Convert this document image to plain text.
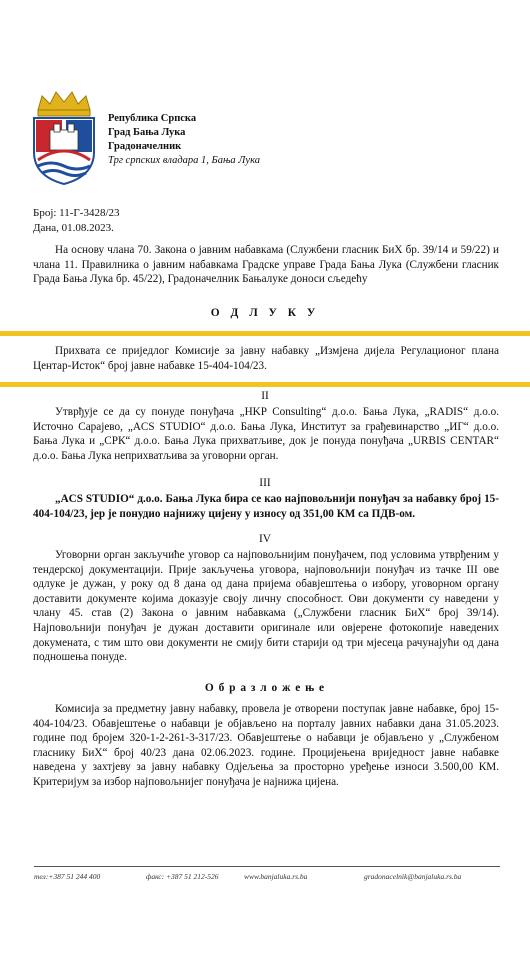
Република Српска
Град Бања Лука
Градоначелник
Трг српских владара 1, Бања Лука
Број: 11-Г-3428/23
Дана, 01.08.2023.
На основу члана 70. Закона о јавним набавкама (Службени гласник БиХ бр. 39/14 и 59/22) и члана 11. Правилника о јавним набавкама Градске управе Града Бања Лука (Службени гласник Града Бања Лука бр. 45/22), Градоначелник Бањалуке доноси сљедећу
О Д Л У К У
Прихвата се приједлог Комисије за јавну набавку „Измјена дијела Регулационог плана Центар-Исток“ број јавне набавке 15-404-104/23.
II
Утврђује се да су понуде понуђача „HKP Consulting“ д.о.о. Бања Лука, „RADIS“ д.о.о. Источно Сарајево, „ACS STUDIO“ д.о.о. Бања Лука, Институт за грађевинарство „ИГ“ д.о.о. Бања Лука и „СРК“ д.о.о. Бања Лука прихватљиве, док је понуда понуђача „URBIS CENTAR“ д.о.о. Бања Лука неприхватљива за уговорни орган.
III
„ACS STUDIO“ д.о.о. Бања Лука бира се као најповољнији понуђач за набавку број 15-404-104/23, јер је понудио најнижу цијену у износу од 351,00 КМ са ПДВ-ом.
IV
Уговорни орган закључиће уговор са најповољнијим понуђачем, под условима утврђеним у тендерској документацији. Прије закључења уговора, најповољнији понуђач из тачке III ове одлуке је дужан, у року од 8 дана од дана пријема обавјештења о избору, уговорном органу доставити документе којима доказује своју личну способност. Ови документи су наведени у члану 45. став (2) Закона о јавним набавкама („Службени гласник БиХ“ број 39/14). Најповољнији понуђач је дужан доставити оригинале или овјерене фотокопије наведених докумената, с тим што ови документи не смију бити старији од три мјесеца рачунајући од дана подношења понуде.
О б р а з л о ж е њ е
Комисија за предметну јавну набавку, провела је отворени поступак јавне набавке, број 15-404-104/23. Обавјештење о набавци је објављено на порталу јавних набавки дана 31.05.2023. године под бројем 320-1-2-261-3-317/23. Обавјештење о набавци је објављено у „Службеном гласнику БиХ“ број 40/23 дана 02.06.2023. године. Процијењена вриједност јавне набавке наведена у захтјеву за јавну набавку Одјељења за просторно уређење износи 3.500,00 КМ. Критеријум за избор најповољнијег понуђача је најнижа цијена.
тел:+387 51 244 400	факс: +387 51 212-526	www.banjaluka.rs.ba	gradonacelnik@banjaluka.rs.ba
